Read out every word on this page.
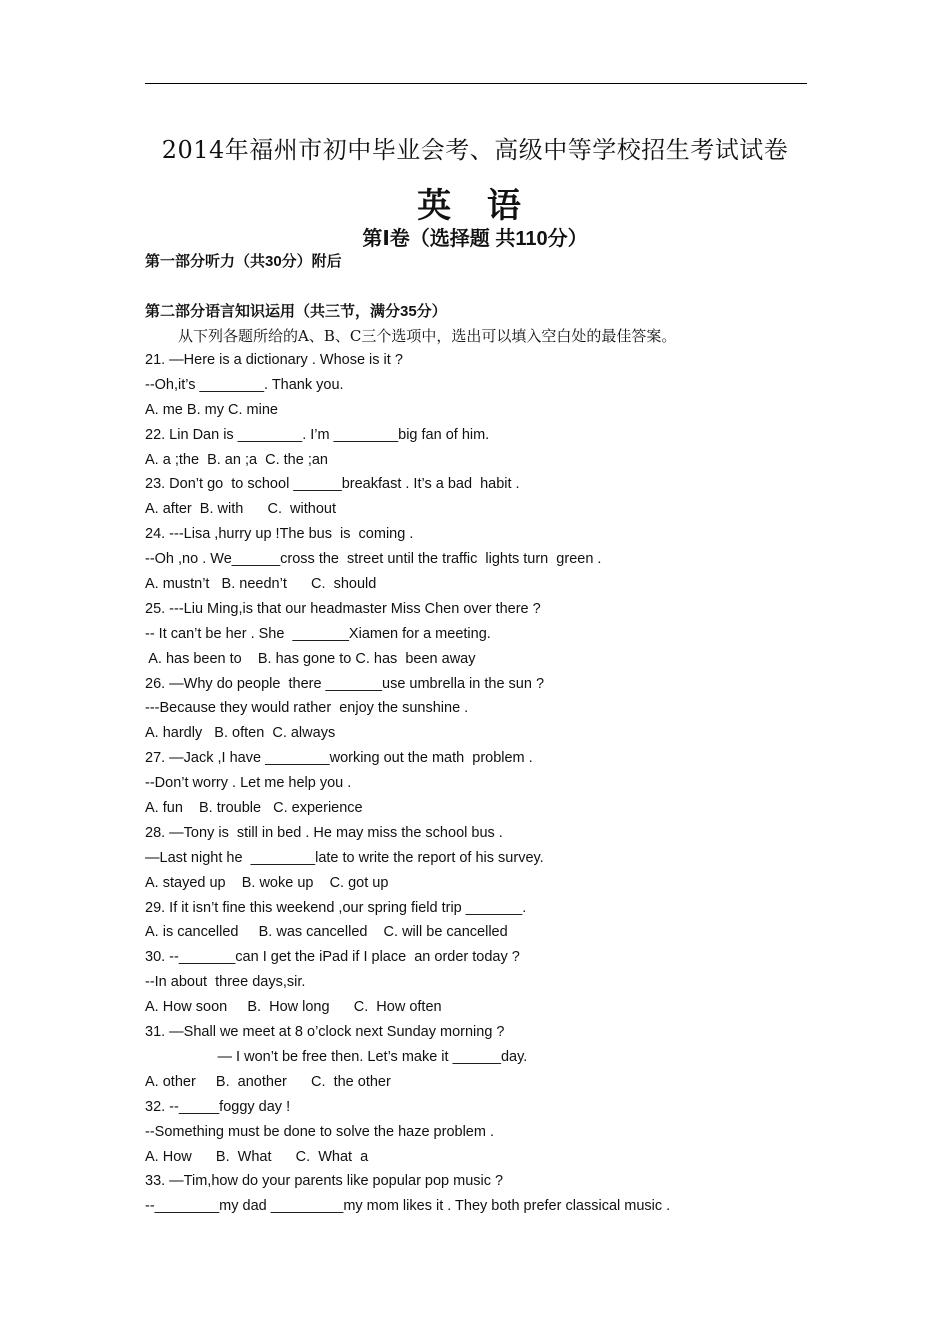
2014年福州市初中毕业会考、高级中等学校招生考试试卷
英 语
第Ⅰ卷（选择题 共110分）
第一部分听力（共30分）附后
第二部分语言知识运用（共三节，满分35分）
从下列各题所给的A、B、C三个选项中，选出可以填入空白处的最佳答案。
21. —Here is a dictionary . Whose is it ?
--Oh,it’s ________. Thank you.
A. me B. my C. mine
22. Lin Dan is ________. I’m ________big fan of him.
A. a ;the  B. an ;a  C. the ;an
23. Don’t go  to school ______breakfast . It’s a bad  habit .
A. after  B. with      C.  without
24. ---Lisa ,hurry up !The bus  is  coming .
--Oh ,no . We______cross the  street until the traffic  lights turn  green .
A. mustn’t   B. needn’t      C.  should
25. ---Liu Ming,is that our headmaster Miss Chen over there ?
-- It can’t be her . She  _______Xiamen for a meeting.
A. has been to    B. has gone to C. has  been away
26. —Why do people  there _______use umbrella in the sun ?
---Because they would rather  enjoy the sunshine .
A. hardly   B. often  C. always
27. —Jack ,I have ________working out the math  problem .
--Don’t worry . Let me help you .
A. fun    B. trouble   C. experience
28. —Tony is  still in bed . He may miss the school bus .
—Last night he  ________late to write the report of his survey.
A. stayed up    B. woke up    C. got up
29. If it isn’t fine this weekend ,our spring field trip _______.
A. is cancelled     B. was cancelled    C. will be cancelled
30. --_______can I get the iPad if I place  an order today ?
--In about  three days,sir.
A. How soon     B.  How long      C.  How often
31. —Shall we meet at 8 o’clock next Sunday morning ?
— I won’t be free then. Let’s make it ______day.
A. other     B.  another      C.  the other
32. --_____foggy day !
--Something must be done to solve the haze problem .
A. How      B.  What      C.  What  a
33. —Tim,how do your parents like popular pop music ?
--________my dad _________my mom likes it . They both prefer classical music .
